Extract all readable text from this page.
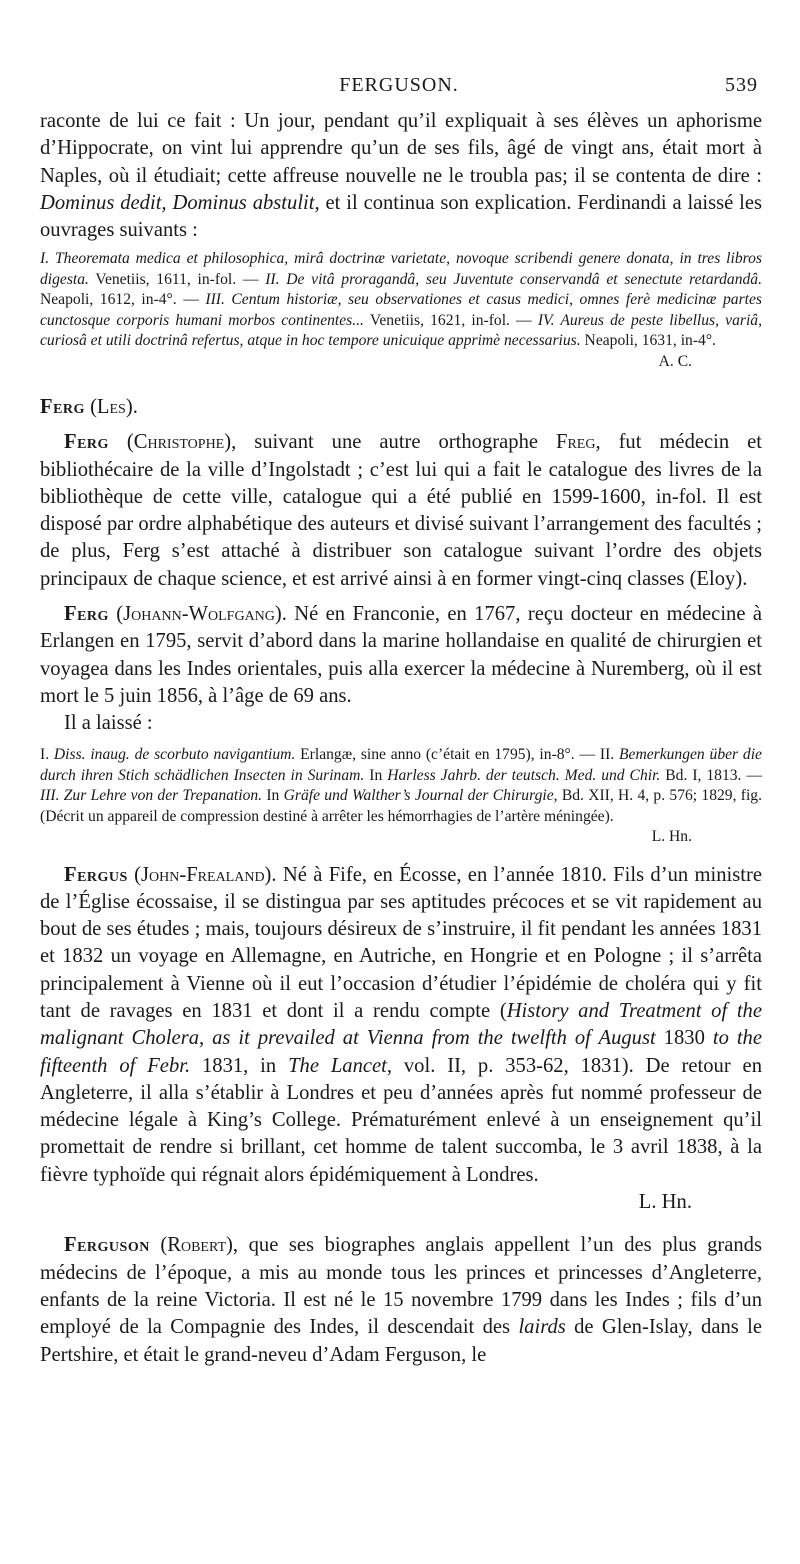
FERGUSON.	539

raconte de lui ce fait : Un jour, pendant qu’il expliquait à ses élèves un aphorisme d’Hippocrate, on vint lui apprendre qu’un de ses fils, âgé de vingt ans, était mort à Naples, où il étudiait; cette affreuse nouvelle ne le troubla pas; il se contenta de dire : Dominus dedit, Dominus abstulit, et il continua son explication. Ferdinandi a laissé les ouvrages suivants :

I. Theoremata medica et philosophica, mirâ doctrinæ varietate, novoque scribendi genere donata, in tres libros digesta. Venetiis, 1611, in-fol. — II. De vitâ proragandâ, seu Juventute conservandâ et senectute retardandâ. Neapoli, 1612, in-4°. — III. Centum historiæ, seu observationes et casus medici, omnes ferè medicinæ partes cunctosque corporis humani morbos continentes... Venetiis, 1621, in-fol. — IV. Aureus de peste libellus, variâ, curiosâ et utili doctrinâ refertus, atque in hoc tempore unicuique apprimè necessarius. Neapoli, 1631, in-4°.

A. C.

Ferg (Les).

Ferg (Christophe), suivant une autre orthographe Freg, fut médecin et bibliothécaire de la ville d’Ingolstadt ; c’est lui qui a fait le catalogue des livres de la bibliothèque de cette ville, catalogue qui a été publié en 1599-1600, in-fol. Il est disposé par ordre alphabétique des auteurs et divisé suivant l’arrangement des facultés ; de plus, Ferg s’est attaché à distribuer son catalogue suivant l’ordre des objets principaux de chaque science, et est arrivé ainsi à en former vingt-cinq classes (Eloy).

Ferg (Johann-Wolfgang). Né en Franconie, en 1767, reçu docteur en médecine à Erlangen en 1795, servit d’abord dans la marine hollandaise en qualité de chirurgien et voyagea dans les Indes orientales, puis alla exercer la médecine à Nuremberg, où il est mort le 5 juin 1856, à l’âge de 69 ans.

Il a laissé :

I. Diss. inaug. de scorbuto navigantium. Erlangæ, sine anno (c’était en 1795), in-8°. — II. Bemerkungen über die durch ihren Stich schädlichen Insecten in Surinam. In Harless Jahrb. der teutsch. Med. und Chir. Bd. I, 1813. — III. Zur Lehre von der Trepanation. In Gräfe und Walther’s Journal der Chirurgie, Bd. XII, H. 4, p. 576; 1829, fig. (Décrit un appareil de compression destiné à arrêter les hémorrhagies de l’artère méningée).

L. Hn.

Fergus (John-Frealand). Né à Fife, en Écosse, en l’année 1810. Fils d’un ministre de l’Église écossaise, il se distingua par ses aptitudes précoces et se vit rapidement au bout de ses études ; mais, toujours désireux de s’instruire, il fit pendant les années 1831 et 1832 un voyage en Allemagne, en Autriche, en Hongrie et en Pologne ; il s’arrêta principalement à Vienne où il eut l’occasion d’étudier l’épidémie de choléra qui y fit tant de ravages en 1831 et dont il a rendu compte (History and Treatment of the malignant Cholera, as it prevailed at Vienna from the twelfth of August 1830 to the fifteenth of Febr. 1831, in The Lancet, vol. II, p. 353-62, 1831). De retour en Angleterre, il alla s’établir à Londres et peu d’années après fut nommé professeur de médecine légale à King’s College. Prématurément enlevé à un enseignement qu’il promettait de rendre si brillant, cet homme de talent succomba, le 3 avril 1838, à la fièvre typhoïde qui régnait alors épidémiquement à Londres.

L. Hn.

Ferguson (Robert), que ses biographes anglais appellent l’un des plus grands médecins de l’époque, a mis au monde tous les princes et princesses d’Angleterre, enfants de la reine Victoria. Il est né le 15 novembre 1799 dans les Indes ; fils d’un employé de la Compagnie des Indes, il descendait des lairds de Glen-Islay, dans le Pertshire, et était le grand-neveu d’Adam Ferguson, le
